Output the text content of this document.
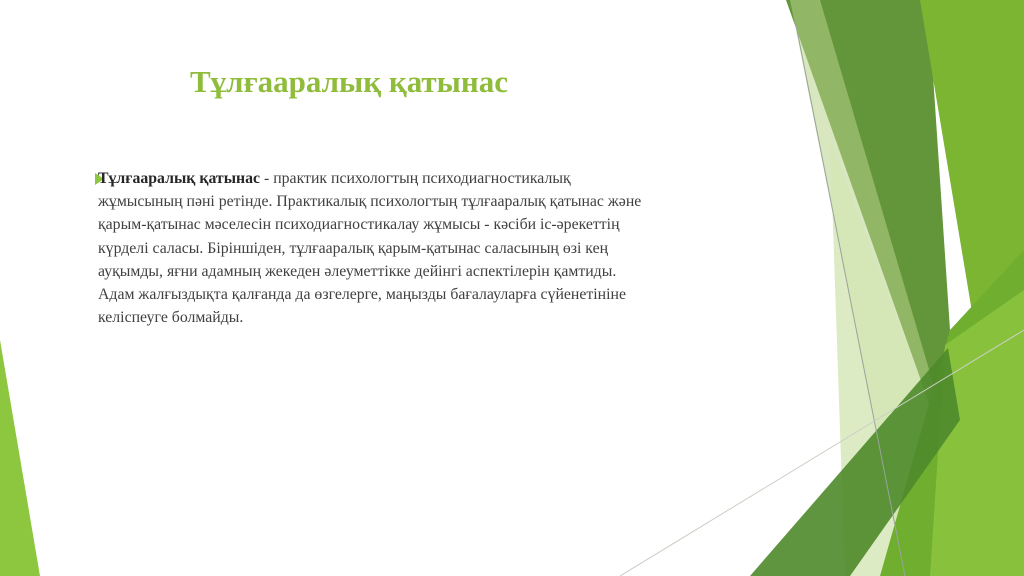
Тұлғааралық қатынас

Тұлғааралық қатынас - практик психологтың психодиагностикалық
жұмысының пәні ретінде. Практикалық психологтың тұлғааралық қатынас және
қарым-қатынас мәселесін психодиагностикалау жұмысы - кәсіби іс-әрекеттің
күрделі саласы. Біріншіден, тұлғааралық қарым-қатынас саласының өзі кең
ауқымды, яғни адамның жекеден әлеуметтікке дейінгі аспектілерін қамтиды.
Адам жалғыздықта қалғанда да өзгелерге, маңызды бағалауларға сүйенетініне
келіспеуге болмайды.
